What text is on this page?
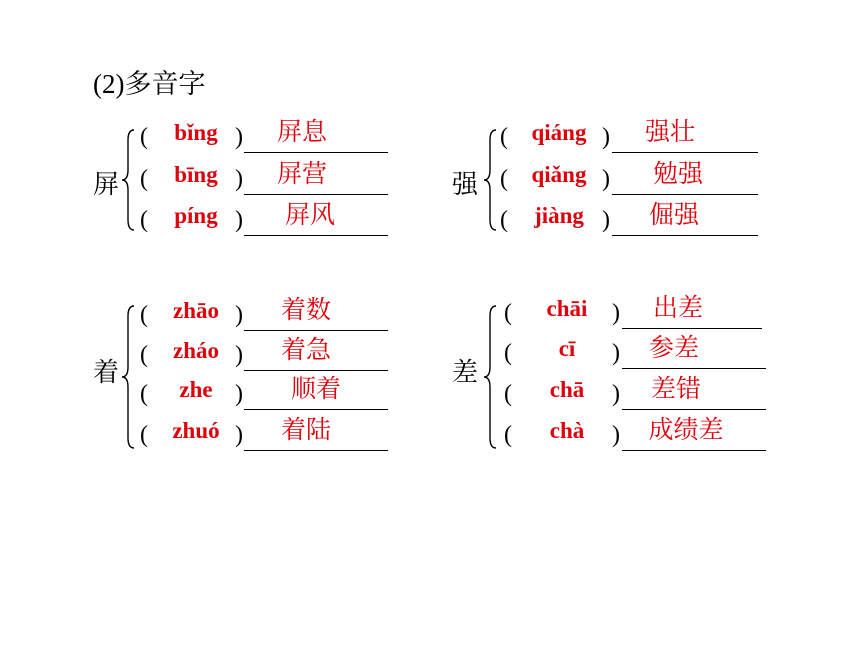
(2)多音字
屏
(	bǐng )	屏息
(	bīng )	屏营
(	píng )	屏风
强
(	qiáng )	强壮
(	qiǎng )	勉强
(	jiàng )	倔强
着
(	zhāo )	着数
(	zháo )	着急
(	zhe )	顺着
(	zhuó )	着陆
差
(	chāi	)	出差
(	cī	)	参差
(	chā	)	差错
(	chà	)	成绩差
